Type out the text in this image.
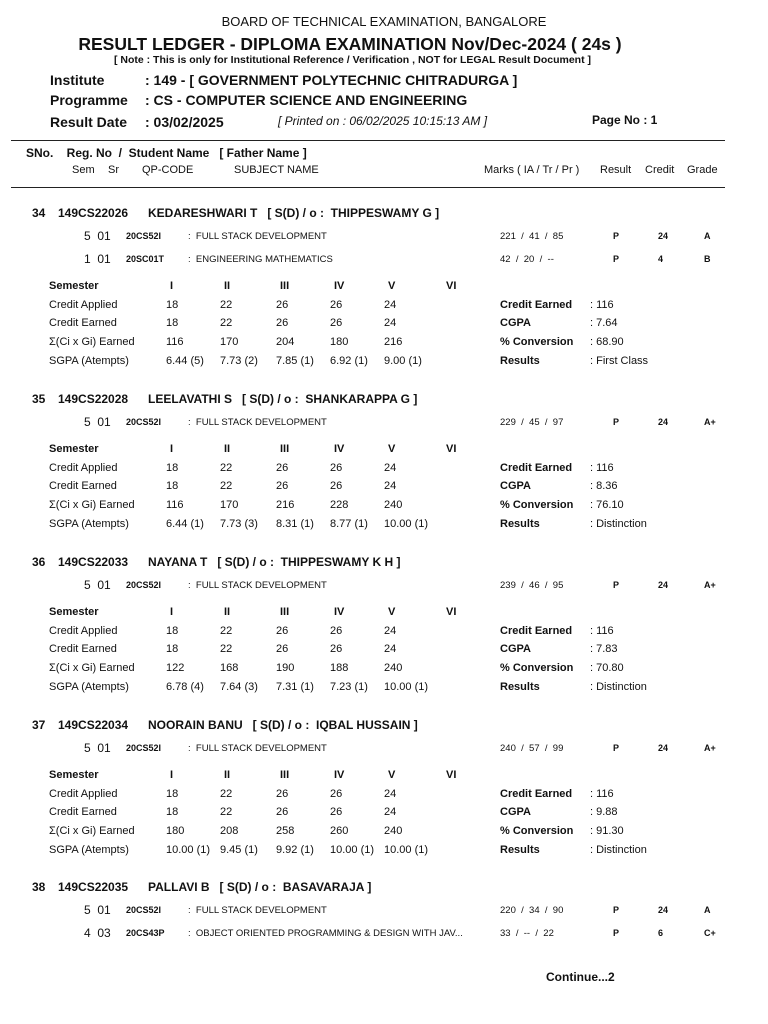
BOARD OF TECHNICAL EXAMINATION, BANGALORE
RESULT LEDGER - DIPLOMA EXAMINATION Nov/Dec-2024 ( 24s )
[ Note : This is only for Institutional Reference / Verification , NOT for LEGAL Result Document ]
Institute	: 149 - [ GOVERNMENT POLYTECHNIC CHITRADURGA ]
Programme : CS - COMPUTER SCIENCE AND ENGINEERING
Result Date : 03/02/2025	[ Printed on : 06/02/2025 10:15:13 AM ]	Page No : 1
SNo.    Reg. No  /  Student Name   [ Father Name ]
Sem Sr QP-CODE	SUBJECT NAME	Marks ( IA / Tr / Pr ) Result Credit Grade
34 149CS22026 KEDARESHWARI T   [ S(D) / o :  THIPPESWAMY G ]
5  01 20CS52I	:  FULL STACK DEVELOPMENT	221  /  41  /  85	P	24	A
1  01 20SC01T	:  ENGINEERING MATHEMATICS	42  /  20  /  --	P	4	B
Semester	I	II	III	IV	V	VI
Credit Applied	18	22	26	26	24	Credit Earned : 116
Credit Earned	18	22	26	26	24	CGPA	: 7.64
Σ(Ci x Gi) Earned	116	170	204	180	216	% Conversion : 68.90
SGPA (Atempts)	6.44 (5) 7.73 (2) 7.85 (1) 6.92 (1) 9.00 (1)	Results	: First Class
35 149CS22028 LEELAVATHI S   [ S(D) / o :  SHANKARAPPA G ]
5  01 20CS52I	:  FULL STACK DEVELOPMENT	229  /  45  /  97	P	24	A+
Semester	I	II	III	IV	V	VI
Credit Applied	18	22	26	26	24	Credit Earned : 116
Credit Earned	18	22	26	26	24	CGPA	: 8.36
Σ(Ci x Gi) Earned	116	170	216	228	240	% Conversion : 76.10
SGPA (Atempts)	6.44 (1) 7.73 (3) 8.31 (1) 8.77 (1) 10.00 (1)	Results	: Distinction
36 149CS22033 NAYANA T   [ S(D) / o :  THIPPESWAMY K H ]
5  01 20CS52I	:  FULL STACK DEVELOPMENT	239  /  46  /  95	P	24	A+
Semester	I	II	III	IV	V	VI
Credit Applied	18	22	26	26	24	Credit Earned : 116
Credit Earned	18	22	26	26	24	CGPA	: 7.83
Σ(Ci x Gi) Earned	122	168	190	188	240	% Conversion : 70.80
SGPA (Atempts)	6.78 (4) 7.64 (3) 7.31 (1) 7.23 (1) 10.00 (1)	Results	: Distinction
37 149CS22034 NOORAIN BANU   [ S(D) / o :  IQBAL HUSSAIN ]
5  01 20CS52I	:  FULL STACK DEVELOPMENT	240  /  57  /  99	P	24	A+
Semester	I	II	III	IV	V	VI
Credit Applied	18	22	26	26	24	Credit Earned : 116
Credit Earned	18	22	26	26	24	CGPA	: 9.88
Σ(Ci x Gi) Earned	180	208	258	260	240	% Conversion : 91.30
SGPA (Atempts)	10.00 (1) 9.45 (1) 9.92 (1) 10.00 (1) 10.00 (1)	Results	: Distinction
38 149CS22035 PALLAVI B   [ S(D) / o :  BASAVARAJA ]
5  01 20CS52I	:  FULL STACK DEVELOPMENT	220  /  34  /  90	P	24	A
4  03 20CS43P :  OBJECT ORIENTED PROGRAMMING & DESIGN WITH JAV...	33  /  --  /  22	P	6	C+
Continue...2
